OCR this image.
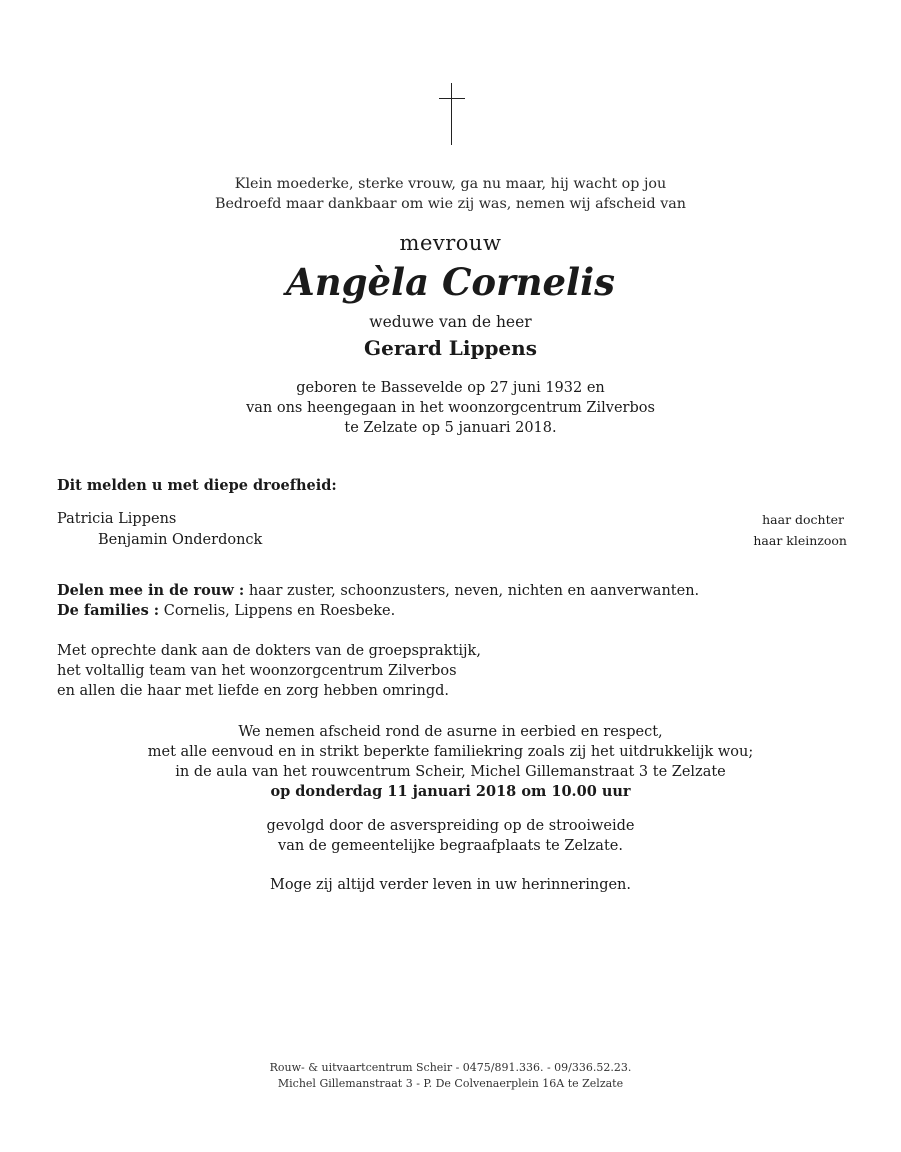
Klein moederke, sterke vrouw, ga nu maar, hij wacht op jou
Bedroefd maar dankbaar om wie zij was, nemen wij afscheid van
mevrouw
Angèla Cornelis
weduwe van de heer
Gerard Lippens
geboren te Bassevelde op 27 juni 1932 en
van ons heengegaan in het woonzorgcentrum Zilverbos
te Zelzate op 5 januari 2018.
Dit melden u met diepe droefheid:
Patricia Lippens	haar dochter
Benjamin Onderdonck	haar kleinzoon
Delen mee in de rouw : haar zuster, schoonzusters, neven, nichten en aanverwanten.
De families : Cornelis, Lippens en Roesbeke.
Met oprechte dank aan de dokters van de groepspraktijk,
het voltallig team van het woonzorgcentrum Zilverbos
en allen die haar met liefde en zorg hebben omringd.
We nemen afscheid rond de asurne in eerbied en respect,
met alle eenvoud en in strikt beperkte familiekring zoals zij het uitdrukkelijk wou;
in de aula van het rouwcentrum Scheir, Michel Gillemanstraat 3 te Zelzate
op donderdag 11 januari 2018 om 10.00 uur
gevolgd door de asverspreiding op de strooiweide
van de gemeentelijke begraafplaats te Zelzate.
Moge zij altijd verder leven in uw herinneringen.
Rouw- & uitvaartcentrum Scheir - 0475/891.336. - 09/336.52.23.
Michel Gillemanstraat 3 - P. De Colvenaerplein 16A te Zelzate
